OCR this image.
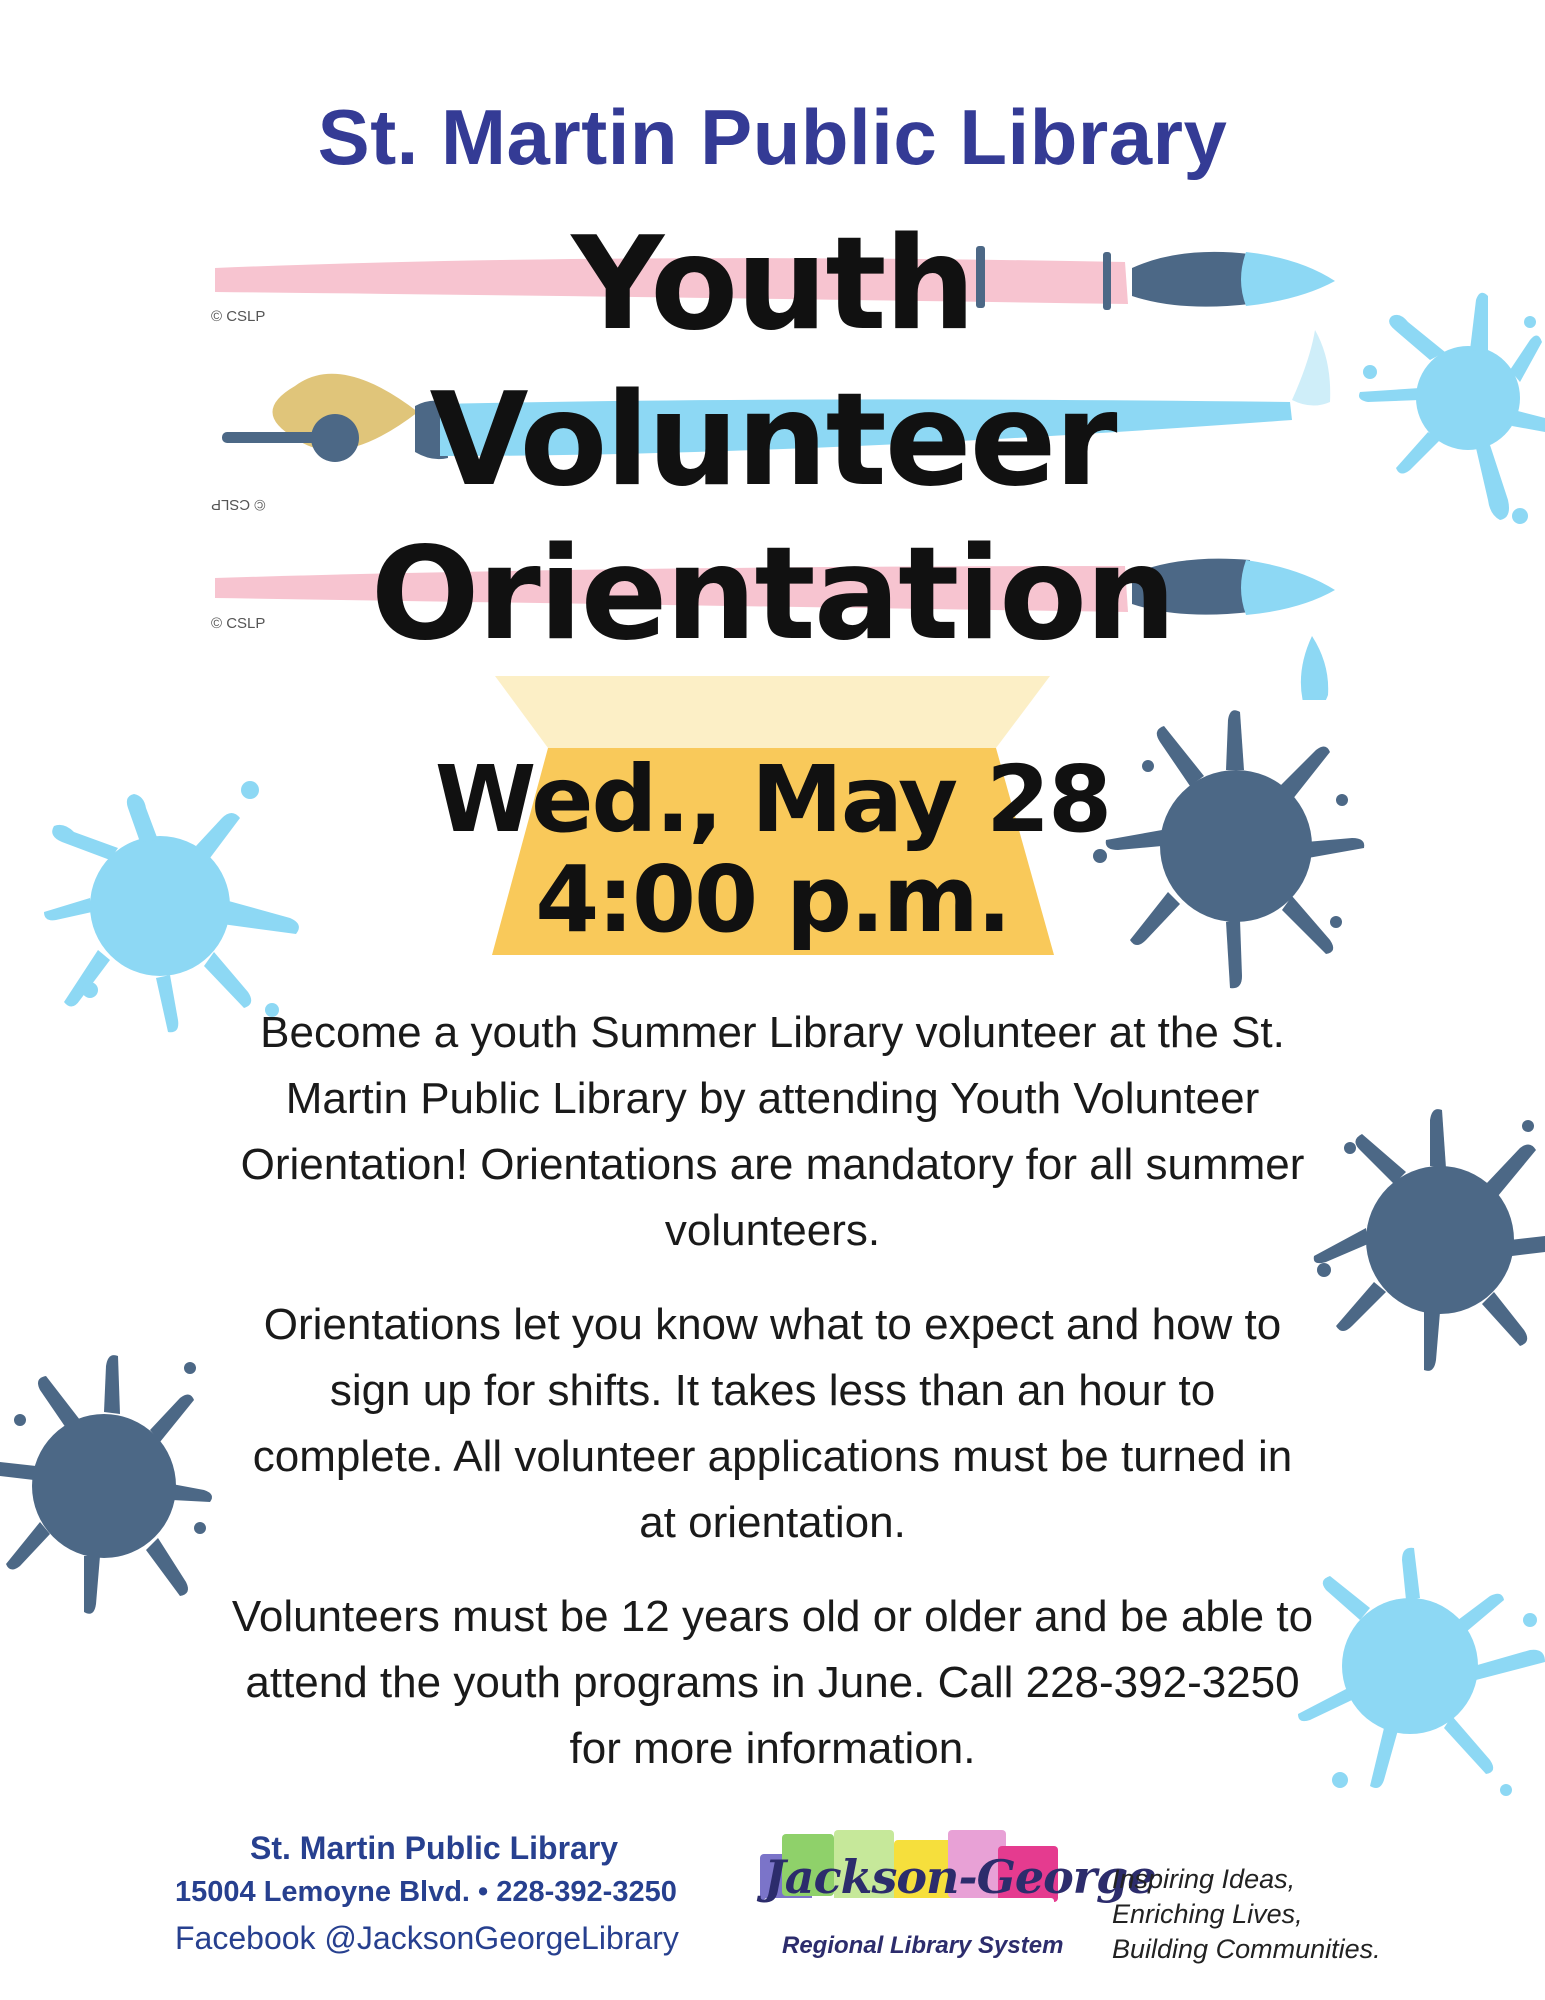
St. Martin Public Library
© CSLP
© CSLP
© CSLP
Youth
Volunteer
Orientation
Wed., May 28
4:00 p.m.

Become a youth Summer Library volunteer at the St. Martin Public Library by attending Youth Volunteer Orientation! Orientations are mandatory for all summer volunteers.

Orientations let you know what to expect and how to sign up for shifts. It takes less than an hour to complete. All volunteer applications must be turned in at orientation.

Volunteers must be 12 years old or older and be able to attend the youth programs in June. Call 228-392-3250 for more information.

St. Martin Public Library
15004 Lemoyne Blvd. • 228-392-3250
Facebook @JacksonGeorgeLibrary
Jackson-George
Regional Library System
Inspiring Ideas,
Enriching Lives,
Building Communities.
